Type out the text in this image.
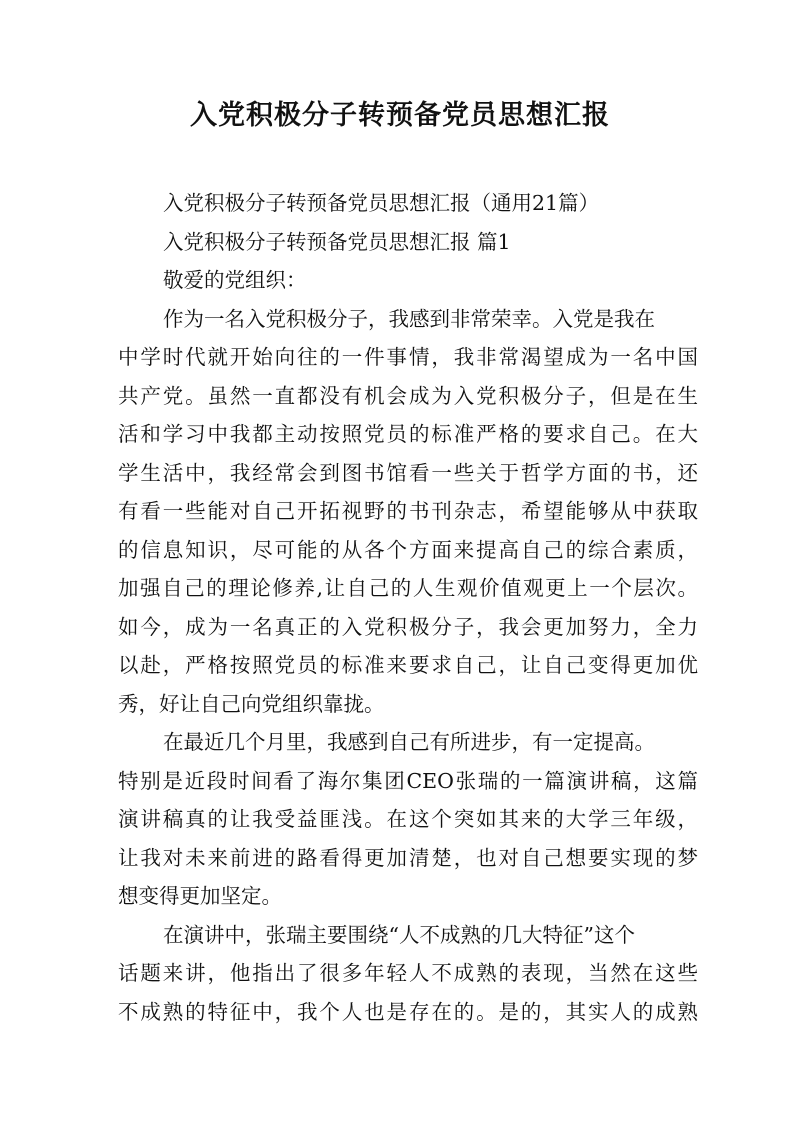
入党积极分子转预备党员思想汇报
入党积极分子转预备党员思想汇报（通用21篇）
入党积极分子转预备党员思想汇报 篇1
敬爱的党组织：
作为一名入党积极分子，我感到非常荣幸。入党是我在
中学时代就开始向往的一件事情，我非常渴望成为一名中国
共产党。虽然一直都没有机会成为入党积极分子，但是在生
活和学习中我都主动按照党员的标准严格的要求自己。在大
学生活中，我经常会到图书馆看一些关于哲学方面的书，还
有看一些能对自己开拓视野的书刊杂志，希望能够从中获取
的信息知识，尽可能的从各个方面来提高自己的综合素质，
加强自己的理论修养,让自己的人生观价值观更上一个层次。
如今，成为一名真正的入党积极分子，我会更加努力，全力
以赴，严格按照党员的标准来要求自己，让自己变得更加优
秀，好让自己向党组织靠拢。
在最近几个月里，我感到自己有所进步，有一定提高。
特别是近段时间看了海尔集团CEO张瑞的一篇演讲稿，这篇
演讲稿真的让我受益匪浅。在这个突如其来的大学三年级，
让我对未来前进的路看得更加清楚，也对自己想要实现的梦
想变得更加坚定。
在演讲中，张瑞主要围绕“人不成熟的几大特征”这个
话题来讲，他指出了很多年轻人不成熟的表现，当然在这些
不成熟的特征中，我个人也是存在的。是的，其实人的成熟
